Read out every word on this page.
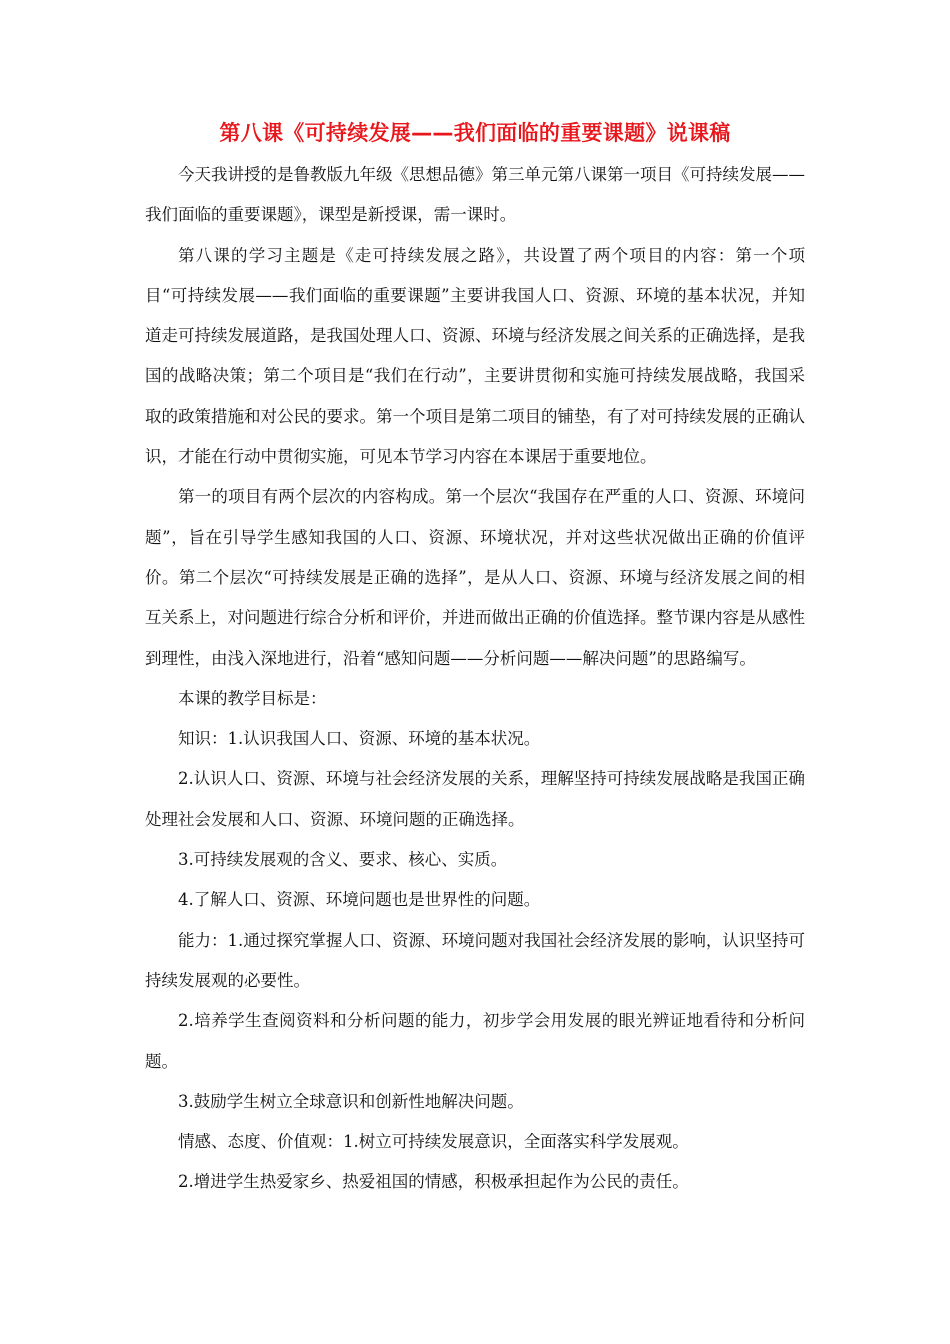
第八课《可持续发展——我们面临的重要课题》说课稿

今天我讲授的是鲁教版九年级《思想品德》第三单元第八课第一项目《可持续发展——我们面临的重要课题》，课型是新授课，需一课时。

第八课的学习主题是《走可持续发展之路》，共设置了两个项目的内容：第一个项目“可持续发展——我们面临的重要课题”主要讲我国人口、资源、环境的基本状况，并知道走可持续发展道路，是我国处理人口、资源、环境与经济发展之间关系的正确选择，是我国的战略决策；第二个项目是“我们在行动”，主要讲贯彻和实施可持续发展战略，我国采取的政策措施和对公民的要求。第一个项目是第二项目的铺垫，有了对可持续发展的正确认识，才能在行动中贯彻实施，可见本节学习内容在本课居于重要地位。

第一的项目有两个层次的内容构成。第一个层次“我国存在严重的人口、资源、环境问题”，旨在引导学生感知我国的人口、资源、环境状况，并对这些状况做出正确的价值评价。第二个层次“可持续发展是正确的选择”，是从人口、资源、环境与经济发展之间的相互关系上，对问题进行综合分析和评价，并进而做出正确的价值选择。整节课内容是从感性到理性，由浅入深地进行，沿着“感知问题——分析问题——解决问题”的思路编写。

本课的教学目标是：

知识：1.认识我国人口、资源、环境的基本状况。

2.认识人口、资源、环境与社会经济发展的关系，理解坚持可持续发展战略是我国正确处理社会发展和人口、资源、环境问题的正确选择。

3.可持续发展观的含义、要求、核心、实质。

4.了解人口、资源、环境问题也是世界性的问题。

能力：1.通过探究掌握人口、资源、环境问题对我国社会经济发展的影响，认识坚持可持续发展观的必要性。

2.培养学生查阅资料和分析问题的能力，初步学会用发展的眼光辨证地看待和分析问题。

3.鼓励学生树立全球意识和创新性地解决问题。

情感、态度、价值观：1.树立可持续发展意识，全面落实科学发展观。

2.增进学生热爱家乡、热爱祖国的情感，积极承担起作为公民的责任。
